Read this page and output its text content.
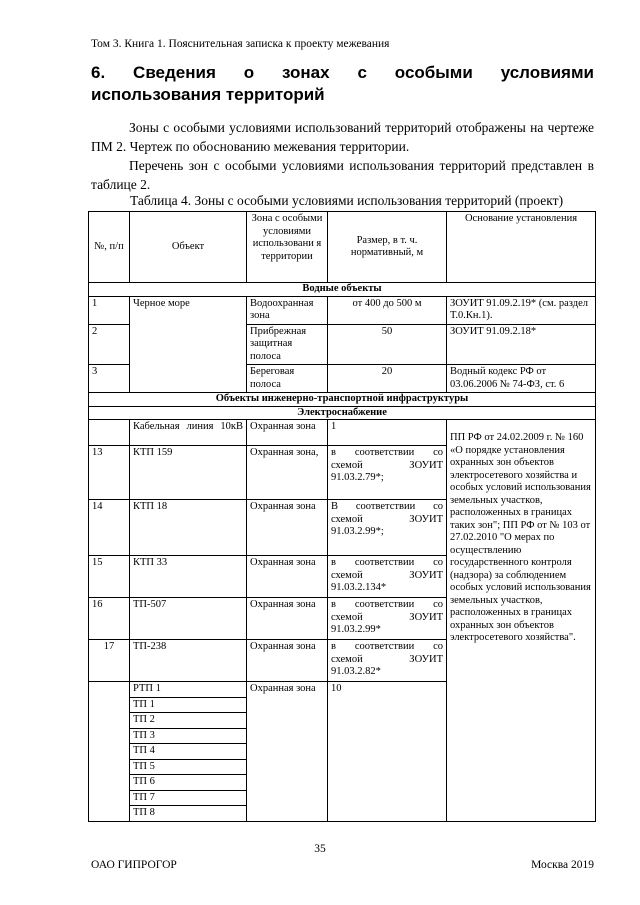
Том 3. Книга 1. Пояснительная записка к проекту межевания
6. Сведения о зонах с особыми условиями
использования территорий

Зоны с особыми условиями использований территорий отображены на чертеже ПМ 2. Чертеж по обоснованию межевания территории.

Перечень зон с особыми условиями использования территорий представлен в таблице 2.

Таблица 4. Зоны с особыми условиями использования территорий (проект)
№, п/п	Объект	Зона с особыми условиями использовани я территории	Размер, в т. ч. нормативный, м	Основание установления
Водные объекты				
1	Черное море	Водоохранная зона	от 400 до 500 м	ЗОУИТ 91.09.2.19* (см. раздел Т.0.Кн.1).
2		Прибрежная защитная полоса	50	ЗОУИТ 91.09.2.18*
3		Береговая полоса	20	Водный кодекс РФ от 03.06.2006 № 74-ФЗ, ст. 6
Объекты инженерно-транспортной инфраструктуры				
Электроснабжение				
	Кабельная линия 10кВ	Охранная зона	1	ПП РФ от 24.02.2009 г. № 160 «О порядке установления охранных зон объектов электросетевого хозяйства и особых условий использования земельных участков, расположенных в границах таких зон"; ПП РФ от № 103 от 27.02.2010 "О мерах по осуществлению государственного контроля (надзора) за соблюдением особых условий использования земельных участков, расположенных в границах охранных зон объектов электросетевого хозяйства".
13	КТП 159	Охранная зона,	в соответствии со схемой ЗОУИТ 91.03.2.79*;	
14	КТП 18	Охранная зона	В соответствии со схемой ЗОУИТ 91.03.2.99*;	
15	КТП 33	Охранная зона	в соответствии со схемой ЗОУИТ 91.03.2.134*	
16	ТП-507	Охранная зона	в соответствии со схемой ЗОУИТ 91.03.2.99*	
17	ТП-238	Охранная зона	в соответствии со схемой ЗОУИТ 91.03.2.82*	
	РТП 1	Охранная зона	10	
	ТП 1			
	ТП 2			
	ТП 3			
	ТП 4			
	ТП 5			
	ТП 6			
	ТП 7			
	ТП 8			
35
ОАО ГИПРОГОР	Москва 2019
